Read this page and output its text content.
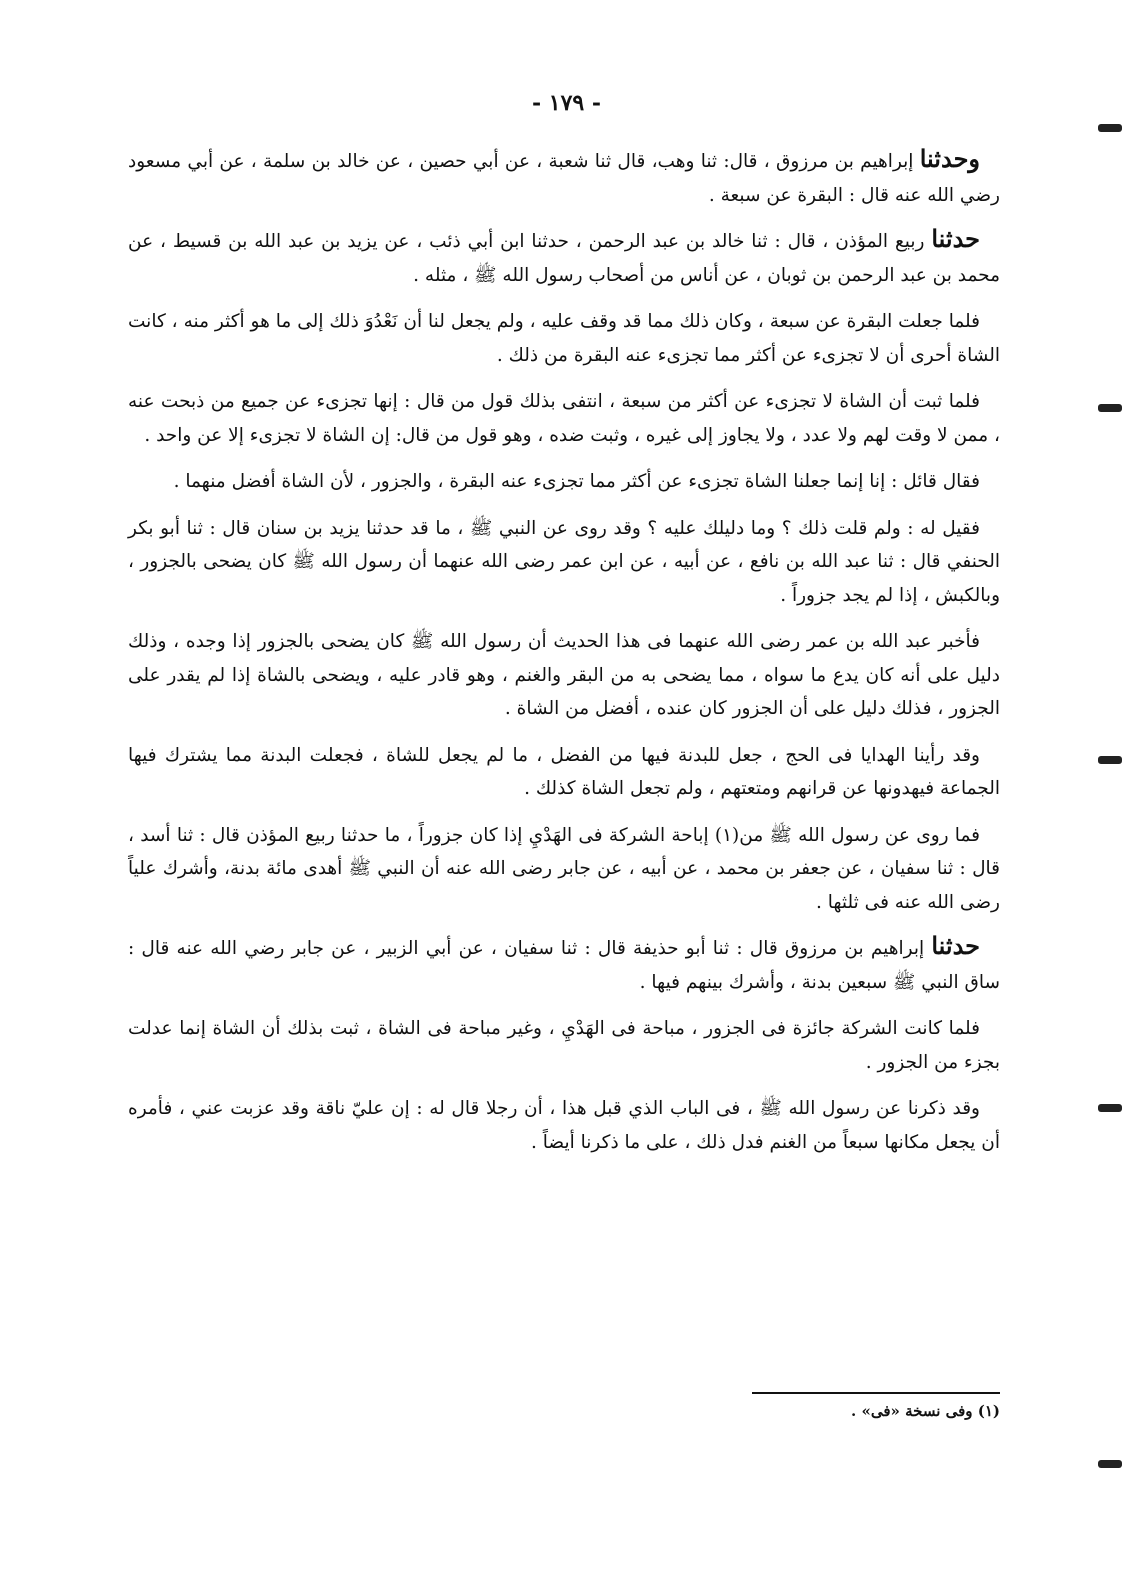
- ١٧٩ -

وحدثنا إبراهيم بن مرزوق ، قال: ثنا وهب، قال ثنا شعبة ، عن أبي حصين ، عن خالد بن سلمة ، عن أبي مسعود رضي الله عنه قال : البقرة عن سبعة .

حدثنا ربيع المؤذن ، قال : ثنا خالد بن عبد الرحمن ، حدثنا ابن أبي ذئب ، عن يزيد بن عبد الله بن قسيط ، عن محمد بن عبد الرحمن بن ثوبان ، عن أناس من أصحاب رسول الله ﷺ ، مثله .

فلما جعلت البقرة عن سبعة ، وكان ذلك مما قد وقف عليه ، ولم يجعل لنا أن نَعْدُوَ ذلك إلى ما هو أكثر منه ، كانت الشاة أحرى أن لا تجزىء عن أكثر مما تجزىء عنه البقرة من ذلك .

فلما ثبت أن الشاة لا تجزىء عن أكثر من سبعة ، انتفى بذلك قول من قال : إنها تجزىء عن جميع من ذبحت عنه ، ممن لا وقت لهم ولا عدد ، ولا يجاوز إلى غيره ، وثبت ضده ، وهو قول من قال: إن الشاة لا تجزىء إلا عن واحد .

فقال قائل : إنا إنما جعلنا الشاة تجزىء عن أكثر مما تجزىء عنه البقرة ، والجزور ، لأن الشاة أفضل منهما .

فقيل له : ولم قلت ذلك ؟ وما دليلك عليه ؟ وقد روى عن النبي ﷺ ، ما قد حدثنا يزيد بن سنان قال : ثنا أبو بكر الحنفي قال : ثنا عبد الله بن نافع ، عن أبيه ، عن ابن عمر رضى الله عنهما أن رسول الله ﷺ كان يضحى بالجزور ، وبالكبش ، إذا لم يجد جزوراً .

فأخبر عبد الله بن عمر رضى الله عنهما فى هذا الحديث أن رسول الله ﷺ كان يضحى بالجزور إذا وجده ، وذلك دليل على أنه كان يدع ما سواه ، مما يضحى به من البقر والغنم ، وهو قادر عليه ، ويضحى بالشاة إذا لم يقدر على الجزور ، فذلك دليل على أن الجزور كان عنده ، أفضل من الشاة .

وقد رأينا الهدايا فى الحج ، جعل للبدنة فيها من الفضل ، ما لم يجعل للشاة ، فجعلت البدنة مما يشترك فيها الجماعة فيهدونها عن قرانهم ومتعتهم ، ولم تجعل الشاة كذلك .

فما روى عن رسول الله ﷺ من(١) إباحة الشركة فى الهَدْيِ إذا كان جزوراً ، ما حدثنا ربيع المؤذن قال : ثنا أسد ، قال : ثنا سفيان ، عن جعفر بن محمد ، عن أبيه ، عن جابر رضى الله عنه أن النبي ﷺ أهدى مائة بدنة، وأشرك علياً رضى الله عنه فى ثلثها .

حدثنا إبراهيم بن مرزوق قال : ثنا أبو حذيفة قال : ثنا سفيان ، عن أبي الزبير ، عن جابر رضي الله عنه قال : ساق النبي ﷺ سبعين بدنة ، وأشرك بينهم فيها .

فلما كانت الشركة جائزة فى الجزور ، مباحة فى الهَدْيِ ، وغير مباحة فى الشاة ، ثبت بذلك أن الشاة إنما عدلت بجزء من الجزور .

وقد ذكرنا عن رسول الله ﷺ ، فى الباب الذي قبل هذا ، أن رجلا قال له : إن عليّ ناقة وقد عزبت عني ، فأمره أن يجعل مكانها سبعاً من الغنم فدل ذلك ، على ما ذكرنا أيضاً .

(١) وفى نسخة «فى» .
